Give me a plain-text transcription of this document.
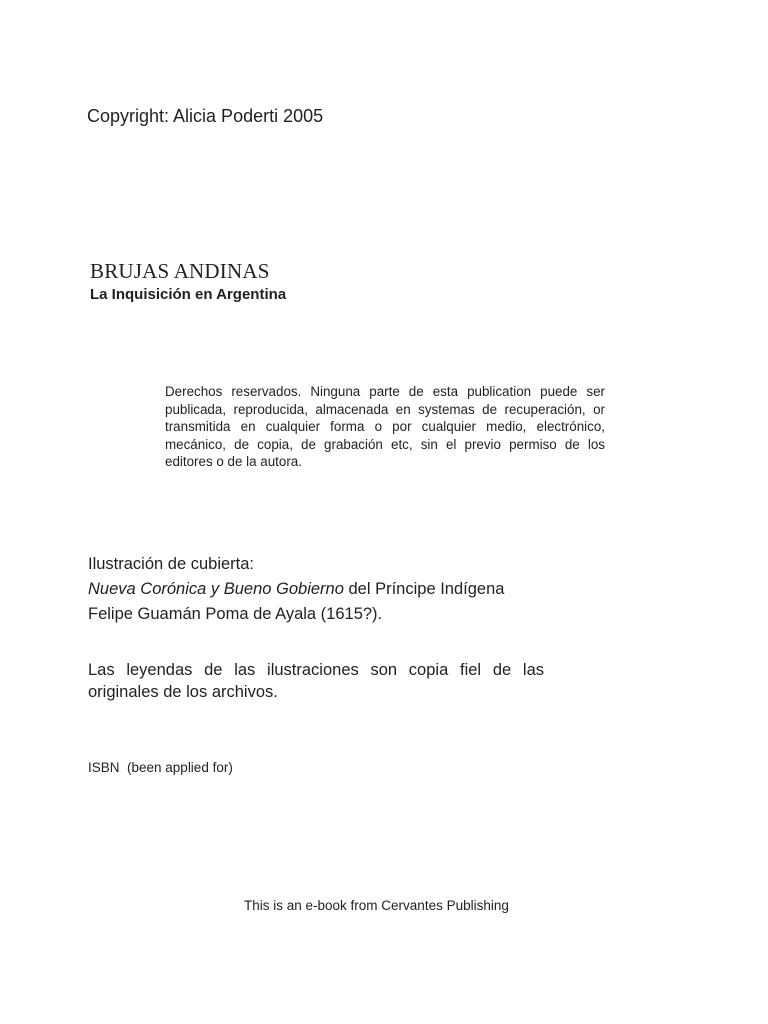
Copyright: Alicia Poderti 2005
BRUJAS ANDINAS
La Inquisición en Argentina
Derechos reservados. Ninguna parte de esta publication puede ser publicada, reproducida, almacenada en systemas de recuperación, or transmitida en cualquier forma o por cualquier medio, electrónico, mecánico, de copia, de grabación etc, sin el previo permiso de los editores o de la autora.

Ilustración de cubierta:

Nueva Corónica y Bueno Gobierno del Príncipe Indígena

Felipe Guamán Poma de Ayala (1615?).

Las leyendas de las ilustraciones son copia fiel de las originales de los archivos.
ISBN  (been applied for)
This is an e-book from Cervantes Publishing
